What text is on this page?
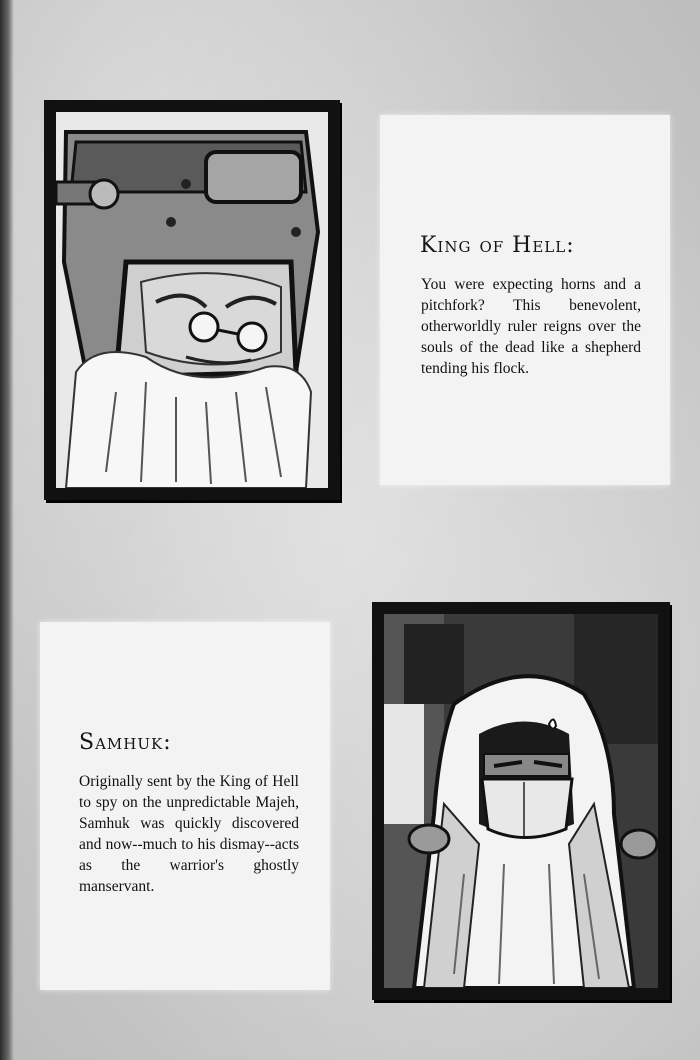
King of Hell:
You were expecting horns and a pitchfork? This benevolent, otherworldly ruler reigns over the souls of the dead like a shepherd tending his flock.
Samhuk:
Originally sent by the King of Hell to spy on the unpredictable Majeh, Samhuk was quickly discovered and now--much to his dismay--acts as the warrior's ghostly manservant.
